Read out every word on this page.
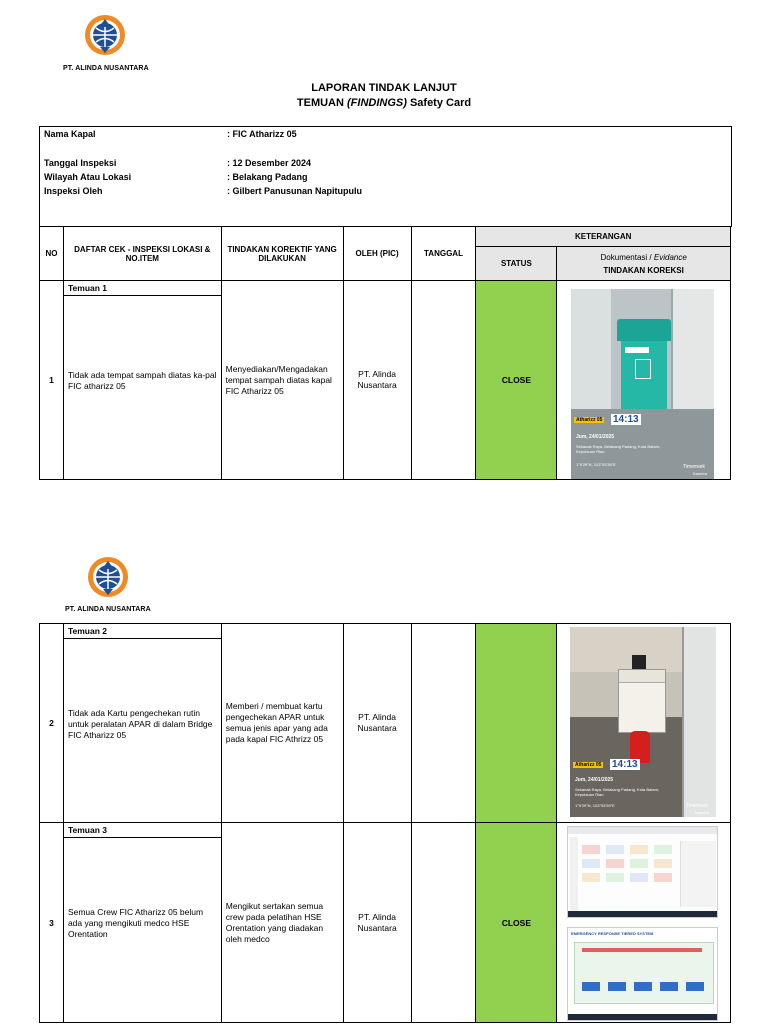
PT. ALINDA NUSANTARA
LAPORAN TINDAK LANJUT
TEMUAN (FINDINGS) Safety Card
Nama Kapal	: FIC Atharizz 05
Tanggal Inspeksi	: 12 Desember 2024
Wilayah Atau Lokasi	: Belakang Padang
Inspeksi Oleh	: Gilbert Panusunan Napitupulu
NO	DAFTAR CEK - INSPEKSI LOKASI & NO.ITEM	TINDAKAN KOREKTIF YANG DILAKUKAN	OLEH (PIC)	TANGGAL	KETERANGAN	
					STATUS	Dokumentasi / Evidance
TINDAKAN KOREKSI

1	Temuan 1
Tidak ada tempat sampah diatas ka-pal FIC atharizz 05	Menyediakan/Mengadakan tempat sampah diatas kapal FIC Atharizz 05	PT. Alinda Nusantara		CLOSE	
Atharizz 05 14:13
Jum, 24/01/2025
Sekanak Raya, Belakang Padang, Kota Batam, Kepulauan Riau
1°9'29"N, 103°53'39"E	Timemark
Kamera
PT. ALINDA NUSANTARA
2	Temuan 2
Tidak ada Kartu pengechekan rutin untuk peralatan APAR di dalam Bridge FIC Atharizz 05	Memberi / membuat kartu pengechekan APAR untuk semua jenis apar yang ada pada kapal FIC Athrizz 05	PT. Alinda Nusantara			

3	Temuan 3
Semua Crew FIC Atharizz 05 belum ada yang mengikuti medco HSE Orentation	Mengikut sertakan semua crew pada pelatihan HSE Orentation yang diadakan oleh medco	PT. Alinda Nusantara		CLOSE	
Atharizz 05 14:13
Jum, 24/01/2025
Sekanak Raya, Belakang Padang, Kota Batam, Kepulauan Riau
1°9'29"N, 103°53'39"E	Timemark
Kamera
EMERGENCY RESPONSE TIERED SYSTEM
